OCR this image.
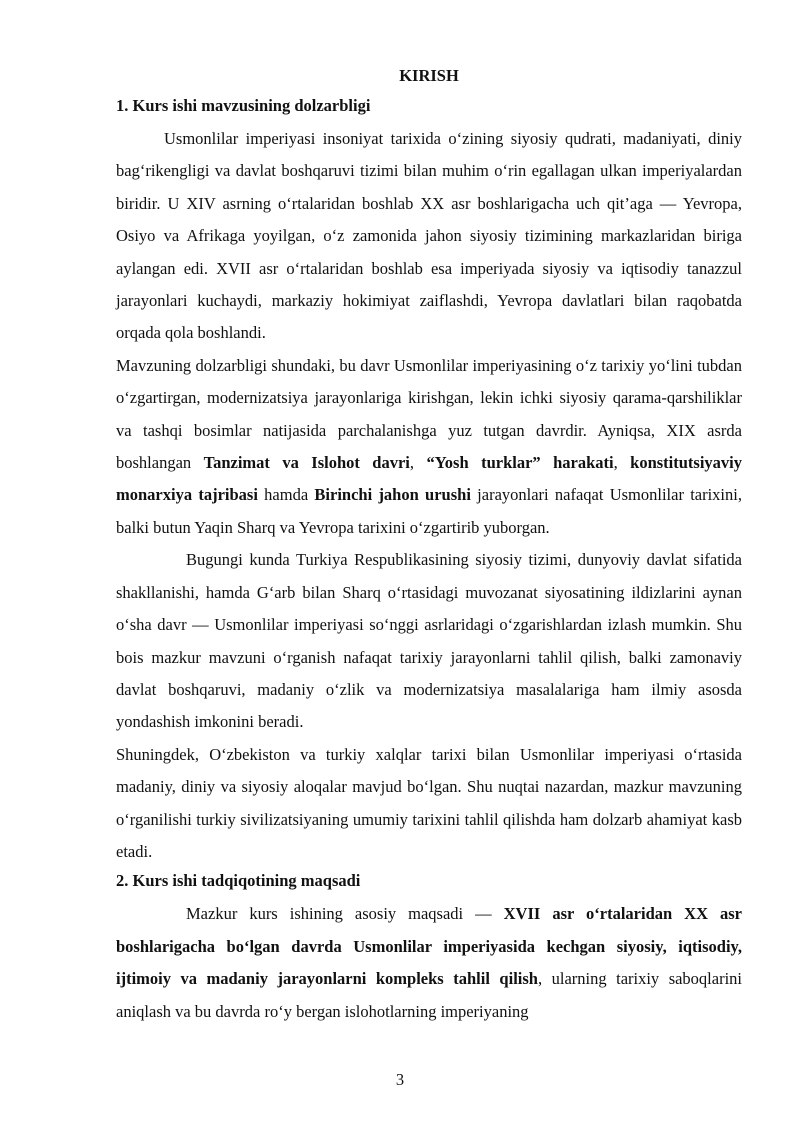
KIRISH
1. Kurs ishi mavzusining dolzarbligi

Usmonlilar imperiyasi insoniyat tarixida o‘zining siyosiy qudrati, madaniyati, diniy bag‘rikengligi va davlat boshqaruvi tizimi bilan muhim o‘rin egallagan ulkan imperiyalardan biridir. U XIV asrning o‘rtalaridan boshlab XX asr boshlarigacha uch qit’aga — Yevropa, Osiyo va Afrikaga yoyilgan, o‘z zamonida jahon siyosiy tizimining markazlaridan biriga aylangan edi. XVII asr o‘rtalaridan boshlab esa imperiyada siyosiy va iqtisodiy tanazzul jarayonlari kuchaydi, markaziy hokimiyat zaiflashdi, Yevropa davlatlari bilan raqobatda orqada qola boshlandi.

Mavzuning dolzarbligi shundaki, bu davr Usmonlilar imperiyasining o‘z tarixiy yo‘lini tubdan o‘zgartirgan, modernizatsiya jarayonlariga kirishgan, lekin ichki siyosiy qarama-qarshiliklar va tashqi bosimlar natijasida parchalanishga yuz tutgan davrdir. Ayniqsa, XIX asrda boshlangan Tanzimat va Islohot davri, “Yosh turklar” harakati, konstitutsiyaviy monarxiya tajribasi hamda Birinchi jahon urushi jarayonlari nafaqat Usmonlilar tarixini, balki butun Yaqin Sharq va Yevropa tarixini o‘zgartirib yuborgan.

Bugungi kunda Turkiya Respublikasining siyosiy tizimi, dunyoviy davlat sifatida shakllanishi, hamda G‘arb bilan Sharq o‘rtasidagi muvozanat siyosatining ildizlarini aynan o‘sha davr — Usmonlilar imperiyasi so‘nggi asrlaridagi o‘zgarishlardan izlash mumkin. Shu bois mazkur mavzuni o‘rganish nafaqat tarixiy jarayonlarni tahlil qilish, balki zamonaviy davlat boshqaruvi, madaniy o‘zlik va modernizatsiya masalalariga ham ilmiy asosda yondashish imkonini beradi.

Shuningdek, O‘zbekiston va turkiy xalqlar tarixi bilan Usmonlilar imperiyasi o‘rtasida madaniy, diniy va siyosiy aloqalar mavjud bo‘lgan. Shu nuqtai nazardan, mazkur mavzuning o‘rganilishi turkiy sivilizatsiyaning umumiy tarixini tahlil qilishda ham dolzarb ahamiyat kasb etadi.

2. Kurs ishi tadqiqotining maqsadi

Mazkur kurs ishining asosiy maqsadi — XVII asr o‘rtalaridan XX asr boshlarigacha bo‘lgan davrda Usmonlilar imperiyasida kechgan siyosiy, iqtisodiy, ijtimoiy va madaniy jarayonlarni kompleks tahlil qilish, ularning tarixiy saboqlarini aniqlash va bu davrda ro‘y bergan islohotlarning imperiyaning

3
